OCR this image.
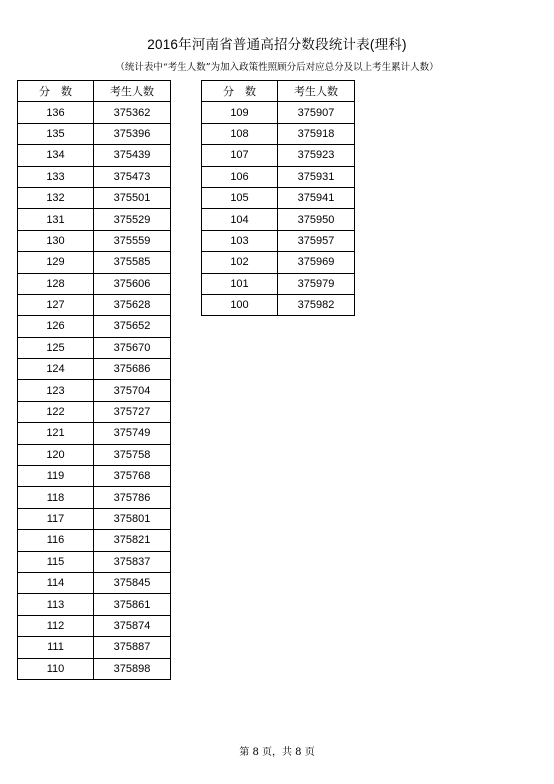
2016年河南省普通高招分数段统计表(理科)
（统计表中“考生人数”为加入政策性照顾分后对应总分及以上考生累计人数）
分　数	考生人数
136	375362
135	375396
134	375439
133	375473
132	375501
131	375529
130	375559
129	375585
128	375606
127	375628
126	375652
125	375670
124	375686
123	375704
122	375727
121	375749
120	375758
119	375768
118	375786
117	375801
116	375821
115	375837
114	375845
113	375861
112	375874
111	375887
110	375898
分　数	考生人数
109	375907
108	375918
107	375923
106	375931
105	375941
104	375950
103	375957
102	375969
101	375979
100	375982
第 8 页，共 8 页
